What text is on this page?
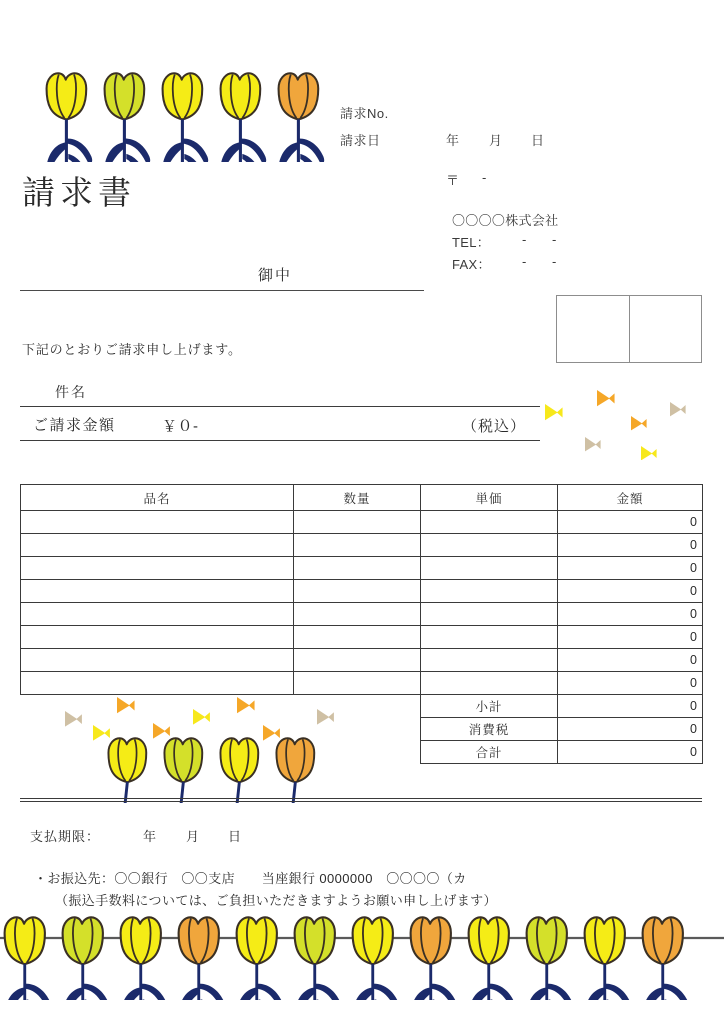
請求書
請求No.
請求日	年 月 日
〒 -
〇〇〇〇株式会社
TEL： - -
FAX： - -
御中
下記のとおりご請求申し上げます。
件名
ご請求金額	￥０-	（税込）
品名	数量	単価	金額
			0
			0
			0
			0
			0
			0
			0
			0
		小計	0
		消費税	0
		合計	0
支払期限：	年 月 日
・お振込先：〇〇銀行　〇〇支店　　当座銀行 0000000　〇〇〇〇（カ
（振込手数料については、ご負担いただきますようお願い申し上げます）
